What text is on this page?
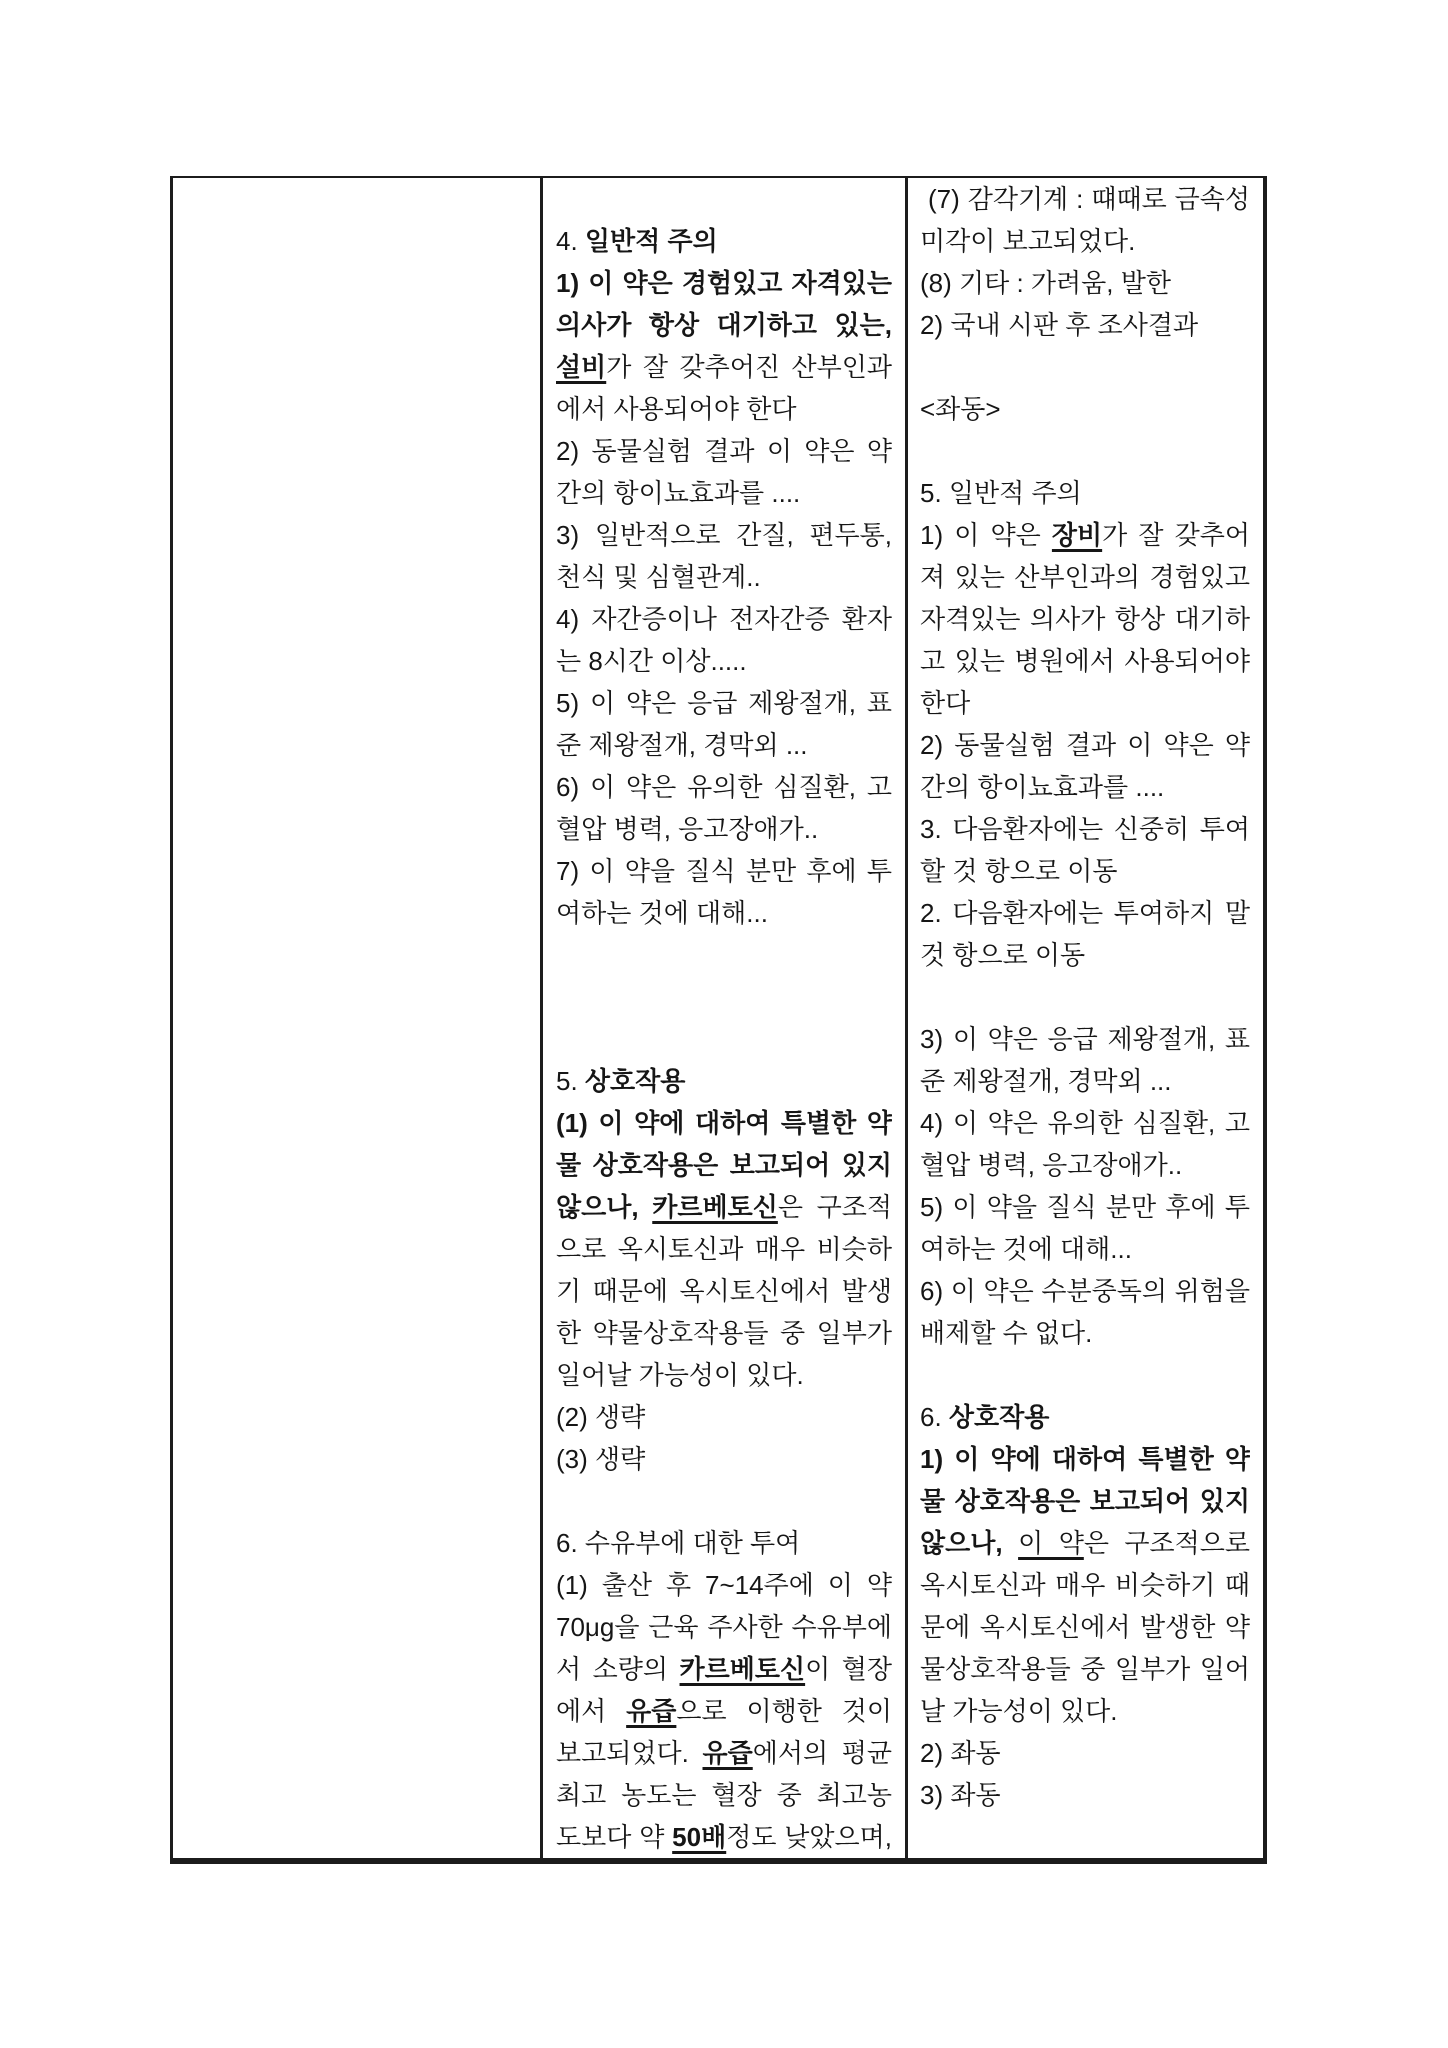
4. 일반적 주의
1) 이 약은 경험있고 자격있는
의사가 항상 대기하고 있는,
설비가 잘 갖추어진 산부인과
에서 사용되어야 한다
2) 동물실험 결과 이 약은 약
간의 항이뇨효과를 ....
3) 일반적으로 간질, 편두통,
천식 및 심혈관계..
4) 자간증이나 전자간증 환자
는 8시간 이상.....
5) 이 약은 응급 제왕절개, 표
준 제왕절개, 경막외 ...
6) 이 약은 유의한 심질환, 고
혈압 병력, 응고장애가..
7) 이 약을 질식 분만 후에 투
여하는 것에 대해...

5. 상호작용
(1) 이 약에 대하여 특별한 약
물 상호작용은 보고되어 있지
않으나, 카르베토신은 구조적
으로 옥시토신과 매우 비슷하
기 때문에 옥시토신에서 발생
한 약물상호작용들 중 일부가
일어날 가능성이 있다.
(2) 생략
(3) 생략

6. 수유부에 대한 투여
(1) 출산 후 7~14주에 이 약
70μg을 근육 주사한 수유부에
서 소량의 카르베토신이 혈장
에서 유즙으로 이행한 것이
보고되었다. 유즙에서의 평균
최고 농도는 혈장 중 최고농
도보다 약 50배정도 낮았으며,
(7) 감각기계 : 떄때로 금속성
미각이 보고되었다.
(8) 기타 : 가려움, 발한
2) 국내 시판 후 조사결과

<좌동>

5. 일반적 주의
1) 이 약은 장비가 잘 갖추어
져 있는 산부인과의 경험있고
자격있는 의사가 항상 대기하
고 있는 병원에서 사용되어야
한다
2) 동물실험 결과 이 약은 약
간의 항이뇨효과를 ....
3. 다음환자에는 신중히 투여
할 것 항으로 이동
2. 다음환자에는 투여하지 말
것 항으로 이동

3) 이 약은 응급 제왕절개, 표
준 제왕절개, 경막외 ...
4) 이 약은 유의한 심질환, 고
혈압 병력, 응고장애가..
5) 이 약을 질식 분만 후에 투
여하는 것에 대해...
6) 이 약은 수분중독의 위험을
배제할 수 없다.

6. 상호작용
1) 이 약에 대하여 특별한 약
물 상호작용은 보고되어 있지
않으나, 이 약은 구조적으로
옥시토신과 매우 비슷하기 때
문에 옥시토신에서 발생한 약
물상호작용들 중 일부가 일어
날 가능성이 있다.
2) 좌동
3) 좌동
